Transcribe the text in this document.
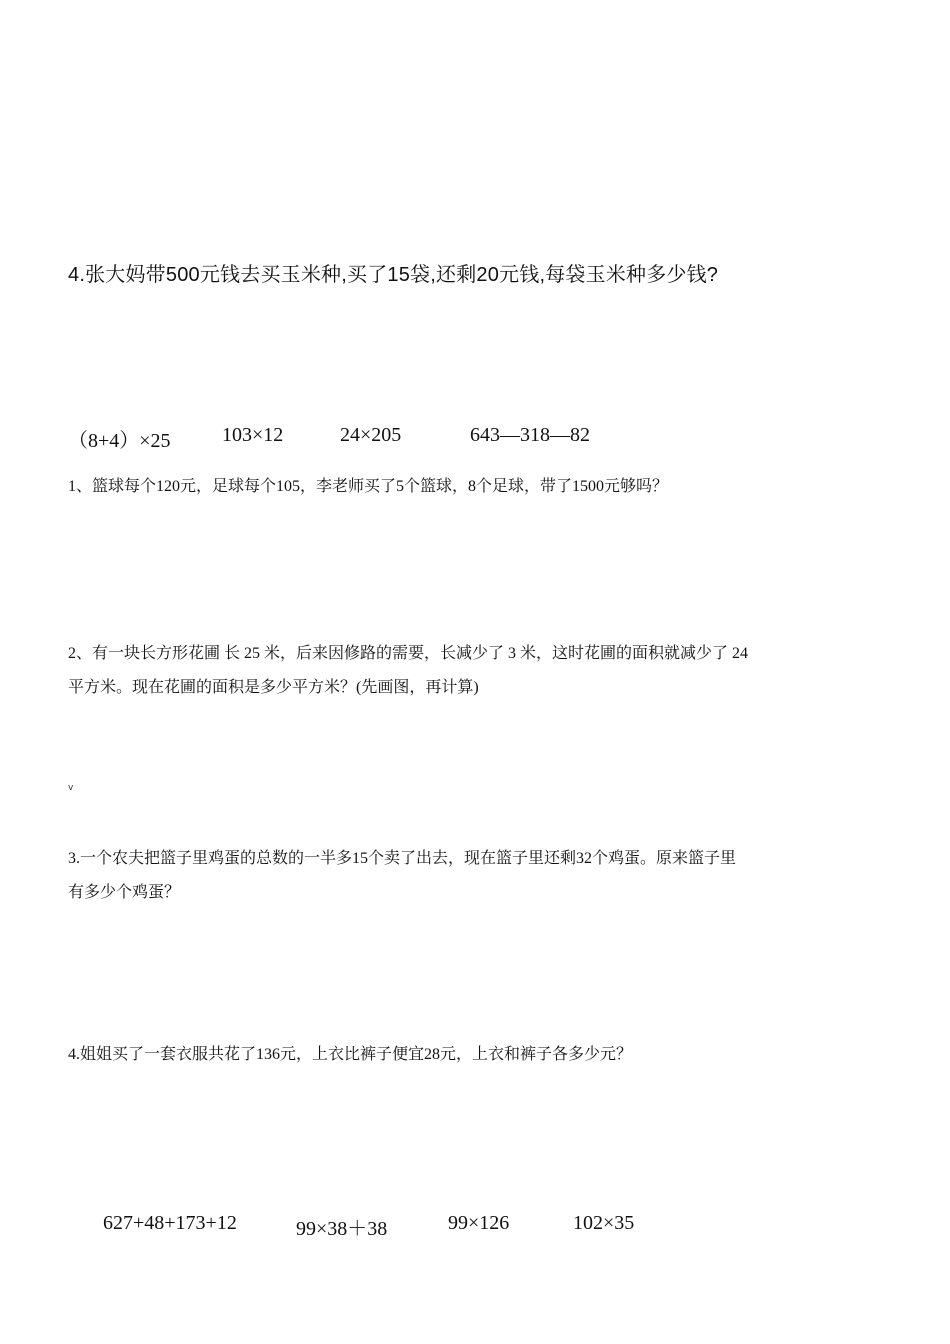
4.张大妈带500元钱去买玉米种,买了15袋,还剩20元钱,每袋玉米种多少钱?
（8+4）×25	103×12	24×205	643—318—82
1、篮球每个120元，足球每个105，李老师买了5个篮球，8个足球，带了1500元够吗？
2、有一块长方形花圃 长 25 米，后来因修路的需要，长减少了 3 米，这时花圃的面积就减少了 24
平方米。现在花圃的面积是多少平方米？(先画图，再计算)
v
3.一个农夫把篮子里鸡蛋的总数的一半多15个卖了出去，现在篮子里还剩32个鸡蛋。原来篮子里
有多少个鸡蛋？
4.姐姐买了一套衣服共花了136元，上衣比裤子便宜28元，上衣和裤子各多少元？
627+48+173+12	99×38＋38	99×126	102×35
